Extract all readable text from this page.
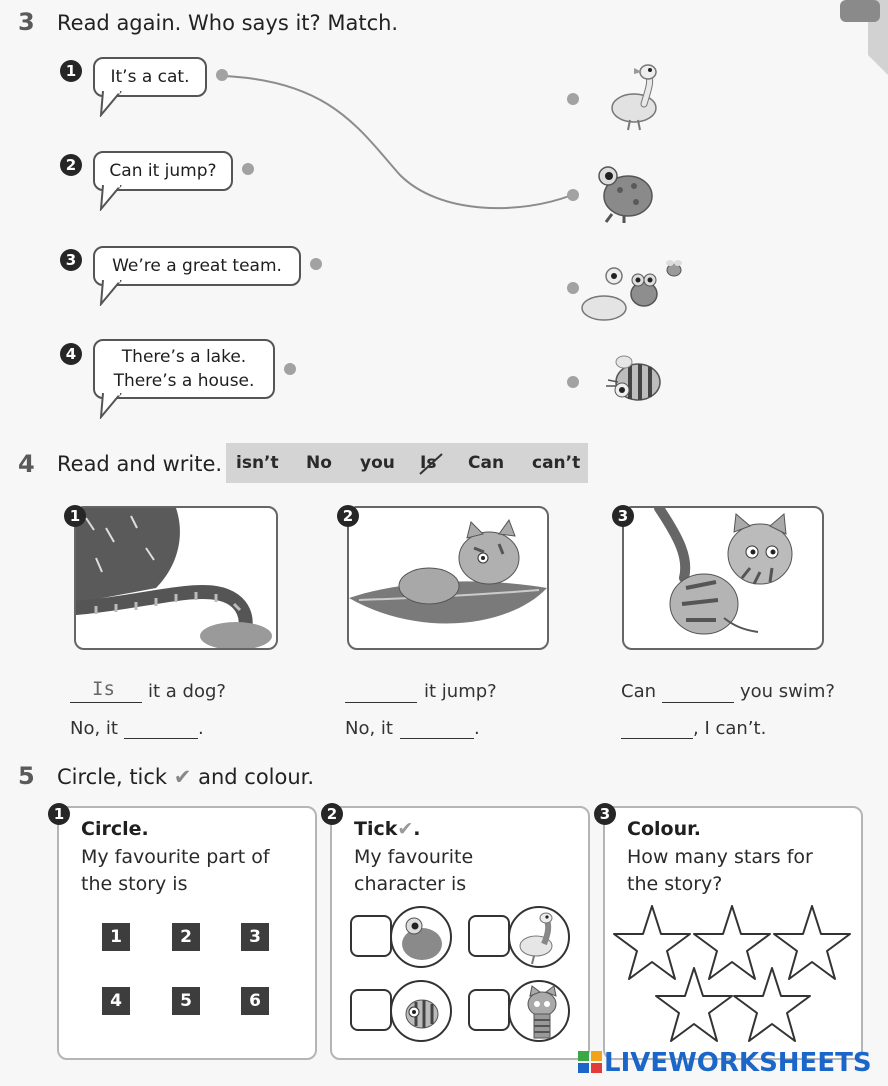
3 Read again. Who says it? Match.
1	It’s a cat.
2	Can it jump?
3	We’re a great team.
4	There’s a lake.
There’s a house.
4 Read and write. isn’t No you Is Can can’t
1	2	3
Is it a dog?
No, it	.
it jump?
No, it	.
Can	you swim?
, I can’t.
5 Circle, tick ✔ and colour.
1
Circle.
My favourite part of
the story is
1	2	3
4	5	6
2
Tick✔.
My favourite
character is
3
Colour.
How many stars for
the story?
LIVEWORKSHEETS
